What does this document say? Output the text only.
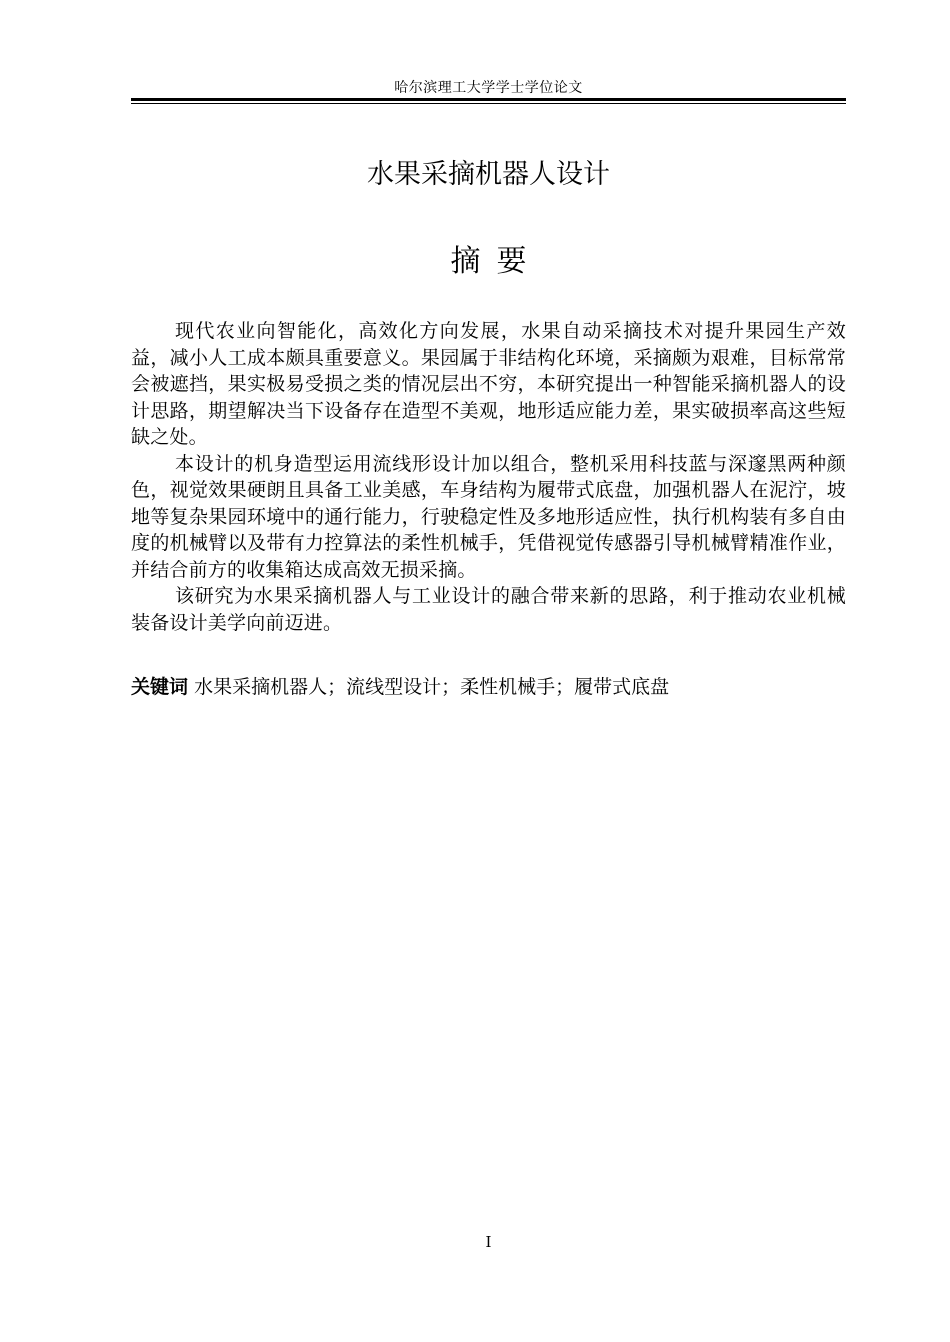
哈尔滨理工大学学士学位论文
水果采摘机器人设计
摘要

现代农业向智能化，高效化方向发展，水果自动采摘技术对提升果园生产效益，减小人工成本颇具重要意义。果园属于非结构化环境，采摘颇为艰难，目标常常会被遮挡，果实极易受损之类的情况层出不穷，本研究提出一种智能采摘机器人的设计思路，期望解决当下设备存在造型不美观，地形适应能力差，果实破损率高这些短缺之处。

本设计的机身造型运用流线形设计加以组合，整机采用科技蓝与深邃黑两种颜色，视觉效果硬朗且具备工业美感，车身结构为履带式底盘，加强机器人在泥泞，坡地等复杂果园环境中的通行能力，行驶稳定性及多地形适应性，执行机构装有多自由度的机械臂以及带有力控算法的柔性机械手，凭借视觉传感器引导机械臂精准作业，并结合前方的收集箱达成高效无损采摘。

该研究为水果采摘机器人与工业设计的融合带来新的思路，利于推动农业机械装备设计美学向前迈进。

关键词 水果采摘机器人；流线型设计；柔性机械手；履带式底盘

I
